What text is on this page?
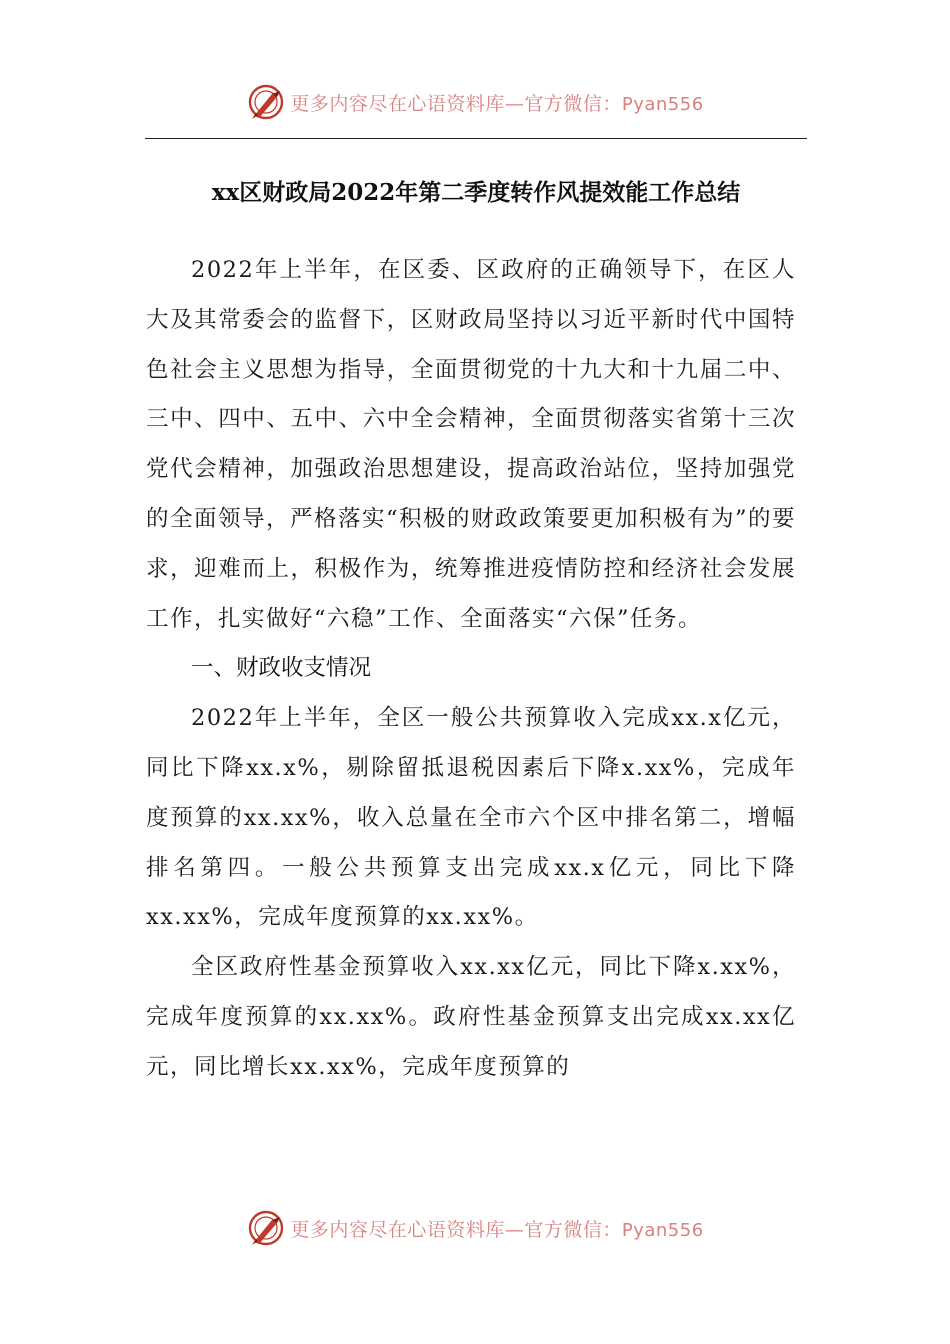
更多内容尽在心语资料库—官方微信：Pyan556
xx区财政局2022年第二季度转作风提效能工作总结

2022年上半年，在区委、区政府的正确领导下，在区人大及其常委会的监督下，区财政局坚持以习近平新时代中国特色社会主义思想为指导，全面贯彻党的十九大和十九届二中、三中、四中、五中、六中全会精神，全面贯彻落实省第十三次党代会精神，加强政治思想建设，提高政治站位，坚持加强党的全面领导，严格落实“积极的财政政策要更加积极有为”的要求，迎难而上，积极作为，统筹推进疫情防控和经济社会发展工作，扎实做好“六稳”工作、全面落实“六保”任务。

一、财政收支情况

2022年上半年，全区一般公共预算收入完成xx.x亿元，同比下降xx.x%，剔除留抵退税因素后下降x.xx%，完成年度预算的xx.xx%，收入总量在全市六个区中排名第二，增幅排名第四。一般公共预算支出完成xx.x亿元，同比下降xx.xx%，完成年度预算的xx.xx%。

全区政府性基金预算收入xx.xx亿元，同比下降x.xx%，完成年度预算的xx.xx%。政府性基金预算支出完成xx.xx亿元，同比增长xx.xx%，完成年度预算的

更多内容尽在心语资料库—官方微信：Pyan556
